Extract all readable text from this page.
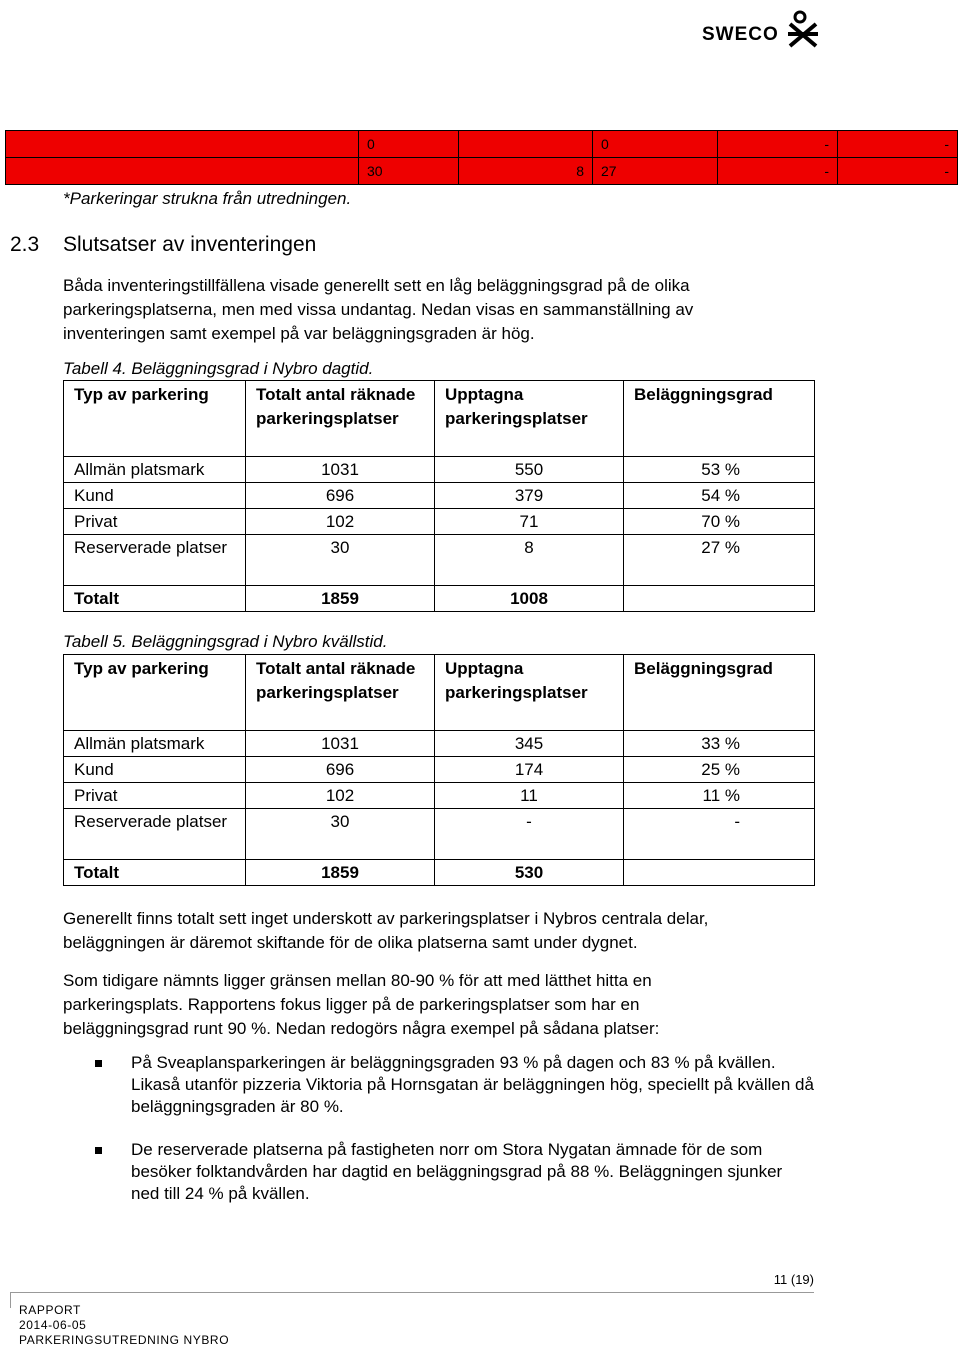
SWECO
	0		0	-	-
	30	8	27	-	-
*Parkeringar strukna från utredningen.
2.3 Slutsatser av inventeringen
Båda inventeringstillfällena visade generellt sett en låg beläggningsgrad på de olika
parkeringsplatserna, men med vissa undantag. Nedan visas en sammanställning av
inventeringen samt exempel på var beläggningsgraden är hög.
Tabell 4. Beläggningsgrad i Nybro dagtid.
Typ av parkering	Totalt antal räknade parkeringsplatser	Upptagna parkeringsplatser	Beläggningsgrad
Allmän platsmark	1031	550	53 %
Kund	696	379	54 %
Privat	102	71	70 %
Reserverade platser	30	8	27 %
Totalt	1859	1008	
Tabell 5. Beläggningsgrad i Nybro kvällstid.
Typ av parkering	Totalt antal räknade parkeringsplatser	Upptagna parkeringsplatser	Beläggningsgrad
Allmän platsmark	1031	345	33 %
Kund	696	174	25 %
Privat	102	11	11 %
Reserverade platser	30	-	-
Totalt	1859	530	
Generellt finns totalt sett inget underskott av parkeringsplatser i Nybros centrala delar,
beläggningen är däremot skiftande för de olika platserna samt under dygnet.
Som tidigare nämnts ligger gränsen mellan 80-90 % för att med lätthet hitta en
parkeringsplats. Rapportens fokus ligger på de parkeringsplatser som har en
beläggningsgrad runt 90 %. Nedan redogörs några exempel på sådana platser:
På Sveaplansparkeringen är beläggningsgraden 93 % på dagen och 83 % på kvällen. Likaså utanför pizzeria Viktoria på Hornsgatan är beläggningen hög, speciellt på kvällen då beläggningsgraden är 80 %.
De reserverade platserna på fastigheten norr om Stora Nygatan ämnade för de som besöker folktandvården har dagtid en beläggningsgrad på 88 %. Beläggningen sjunker ned till 24 % på kvällen.
11 (19)
RAPPORT
2014-06-05
PARKERINGSUTREDNING NYBRO
